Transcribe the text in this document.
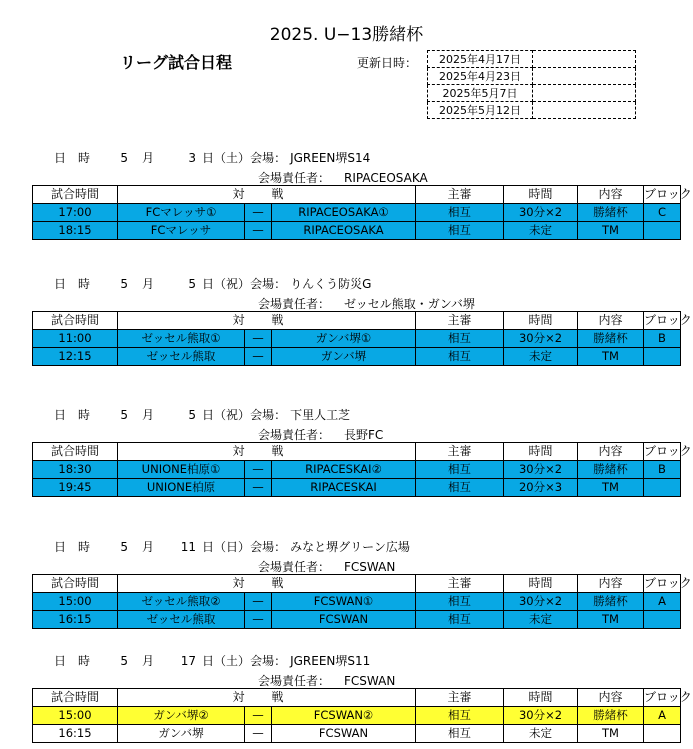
2025. U−13勝緒杯
リーグ試合日程	更新日時： 2025年4月17日	
2025年4月23日	
2025年5月7日	
2025年5月12日	
日　時	5 月	3 日（土）会場： JGREEN堺S14
会場責任者： RIPACEOSAKA
試合時間	対		戦	主審	時間	内容	ブロック
17:00	FCマレッサ①	—	RIPACEOSAKA①	相互	30分×2	勝緒杯	C
18:15	FCマレッサ	—	RIPACEOSAKA	相互	未定	TM	
日　時	5 月	5 日（祝）会場： りんくう防災G
会場責任者： ゼッセル熊取・ガンバ堺
試合時間	対		戦	主審	時間	内容	ブロック
11:00	ゼッセル熊取①	—	ガンバ堺①	相互	30分×2	勝緒杯	B
12:15	ゼッセル熊取	—	ガンバ堺	相互	未定	TM	
日　時	5 月	5 日（祝）会場： 下里人工芝
会場責任者： 長野FC
試合時間	対		戦	主審	時間	内容	ブロック
18:30	UNIONE柏原①	—	RIPACESKAI②	相互	30分×2	勝緒杯	B
19:45	UNIONE柏原	—	RIPACESKAI	相互	20分×3	TM	
日　時	5 月 11 日（日）会場： みなと堺グリーン広場
会場責任者： FCSWAN
試合時間	対		戦	主審	時間	内容	ブロック
15:00	ゼッセル熊取②	—	FCSWAN①	相互	30分×2	勝緒杯	A
16:15	ゼッセル熊取	—	FCSWAN	相互	未定	TM	
日　時	5 月 17 日（土）会場： JGREEN堺S11
会場責任者： FCSWAN
試合時間	対		戦	主審	時間	内容	ブロック
15:00	ガンバ堺②	—	FCSWAN②	相互	30分×2	勝緒杯	A
16:15	ガンバ堺	—	FCSWAN	相互	未定	TM	
